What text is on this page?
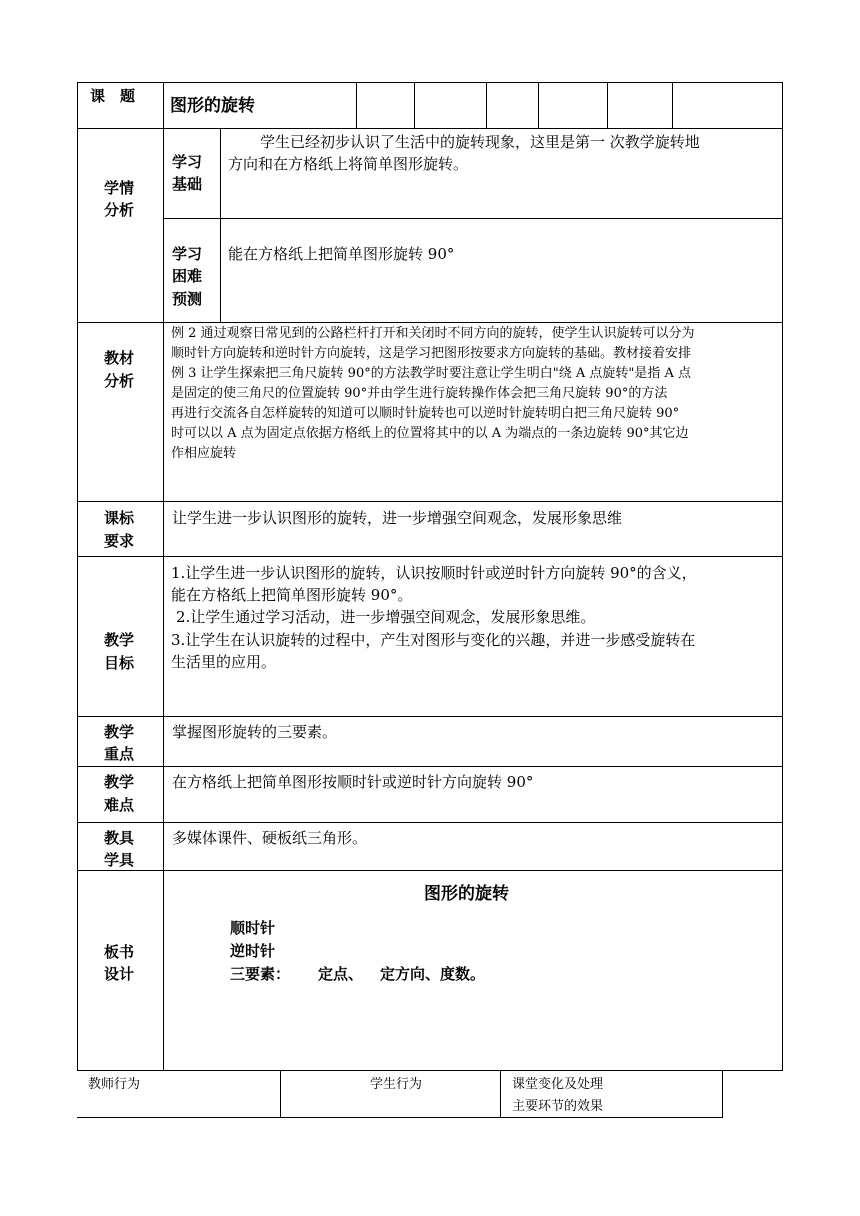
课　题 图形的旋转
学情
分析
学习
基础
学生已经初步认识了生活中的旋转现象，这里是第一 次教学旋转地
方向和在方格纸上将简单图形旋转。
学习
困难
预测
能在方格纸上把简单图形旋转 90°
教材
分析
例 2 通过观察日常见到的公路栏杆打开和关闭时不同方向的旋转，使学生认识旋转可以分为
顺时针方向旋转和逆时针方向旋转，这是学习把图形按要求方向旋转的基础。教材接着安排
例 3 让学生探索把三角尺旋转 90°的方法教学时要注意让学生明白"绕 A 点旋转"是指 A 点
是固定的使三角尺的位置旋转 90°并由学生进行旋转操作体会把三角尺旋转 90°的方法
再进行交流各自怎样旋转的知道可以顺时针旋转也可以逆时针旋转明白把三角尺旋转 90°
时可以以 A 点为固定点依据方格纸上的位置将其中的以 A 为端点的一条边旋转 90°其它边
作相应旋转
课标
要求
让学生进一步认识图形的旋转，进一步增强空间观念，发展形象思维
教学
目标
1.让学生进一步认识图形的旋转，认识按顺时针或逆时针方向旋转 90°的含义，
能在方格纸上把简单图形旋转 90°。
2.让学生通过学习活动，进一步增强空间观念，发展形象思维。
3.让学生在认识旋转的过程中，产生对图形与变化的兴趣，并进一步感受旋转在
生活里的应用。
教学
重点
掌握图形旋转的三要素。
教学
难点
在方格纸上把简单图形按顺时针或逆时针方向旋转 90°
教具
学具
多媒体课件、硬板纸三角形。
板书
设计
图形的旋转
顺时针
逆时针
三要素： 定点、 定方向、度数。
教师行为	学生行为	课堂变化及处理
主要环节的效果
